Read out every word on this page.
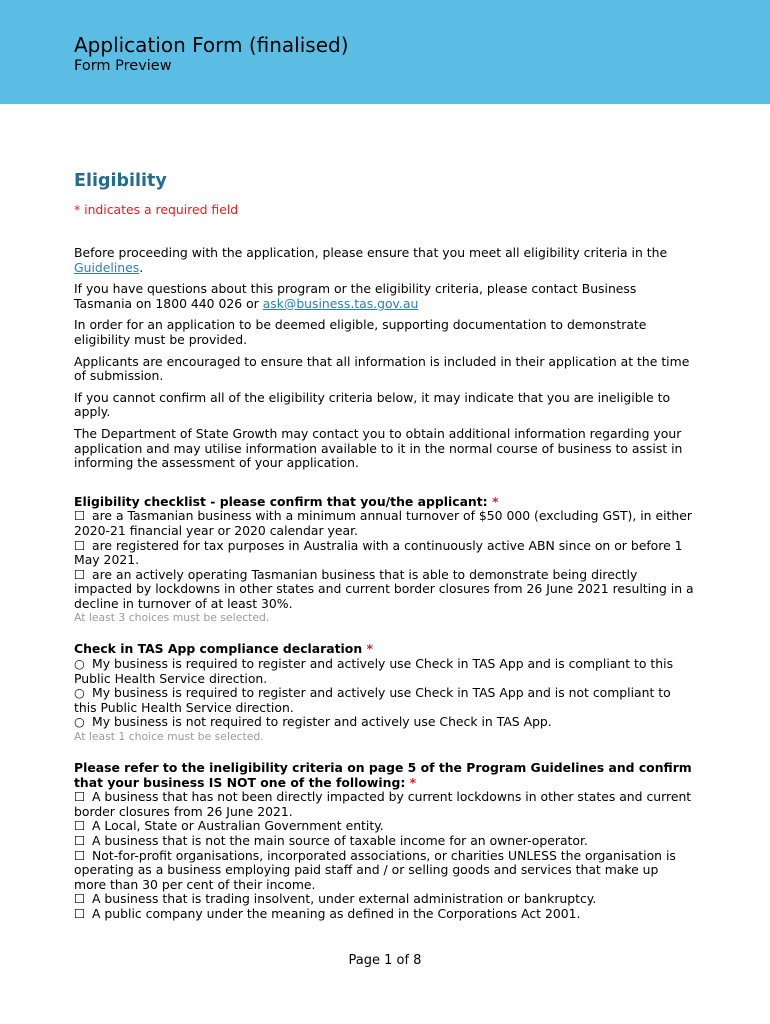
Application Form (finalised)
Form Preview
Eligibility
* indicates a required field

Before proceeding with the application, please ensure that you meet all eligibility criteria in the Guidelines.

If you have questions about this program or the eligibility criteria, please contact Business Tasmania on 1800 440 026 or ask@business.tas.gov.au

In order for an application to be deemed eligible, supporting documentation to demonstrate eligibility must be provided.

Applicants are encouraged to ensure that all information is included in their application at the time of submission.

If you cannot confirm all of the eligibility criteria below, it may indicate that you are ineligible to apply.

The Department of State Growth may contact you to obtain additional information regarding your application and may utilise information available to it in the normal course of business to assist in informing the assessment of your application.

Eligibility checklist - please confirm that you/the applicant: *
☐ are a Tasmanian business with a minimum annual turnover of $50 000 (excluding GST), in either 2020-21 financial year or 2020 calendar year.
☐ are registered for tax purposes in Australia with a continuously active ABN since on or before 1 May 2021.
☐ are an actively operating Tasmanian business that is able to demonstrate being directly impacted by lockdowns in other states and current border closures from 26 June 2021 resulting in a decline in turnover of at least 30%.
At least 3 choices must be selected.
Check in TAS App compliance declaration *
○ My business is required to register and actively use Check in TAS App and is compliant to this Public Health Service direction.
○ My business is required to register and actively use Check in TAS App and is not compliant to this Public Health Service direction.
○ My business is not required to register and actively use Check in TAS App.
At least 1 choice must be selected.
Please refer to the ineligibility criteria on page 5 of the Program Guidelines and confirm that your business IS NOT one of the following: *
☐ A business that has not been directly impacted by current lockdowns in other states and current border closures from 26 June 2021.
☐ A Local, State or Australian Government entity.
☐ A business that is not the main source of taxable income for an owner-operator.
☐ Not-for-profit organisations, incorporated associations, or charities UNLESS the organisation is operating as a business employing paid staff and / or selling goods and services that make up more than 30 per cent of their income.
☐ A business that is trading insolvent, under external administration or bankruptcy.
☐ A public company under the meaning as defined in the Corporations Act 2001.
Page 1 of 8
